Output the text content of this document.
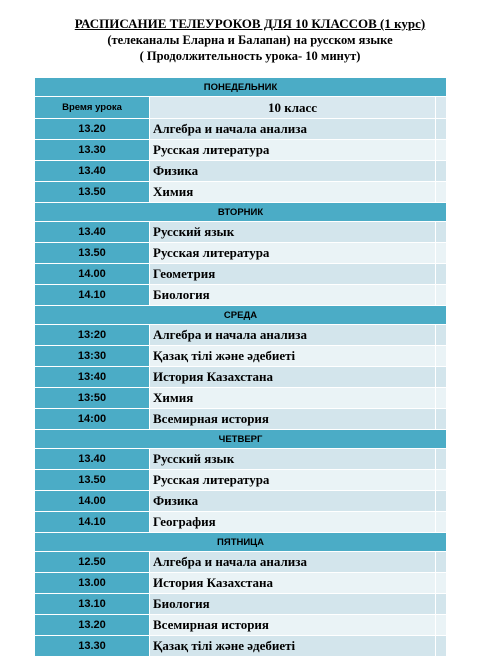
РАСПИСАНИЕ ТЕЛЕУРОКОВ ДЛЯ 10 КЛАССОВ (1 курс)
(телеканалы Еларна и Балапан) на русском языке
( Продолжительность урока- 10 минут)
ПОНЕДЕЛЬНИК		
Время урока	10 класс	
13.20	Алгебра и начала анализа	
13.30	Русская литература	
13.40	Физика	
13.50	Химия	
ВТОРНИК		
13.40	Русский язык	
13.50	Русская литература	
14.00	Геометрия	
14.10	Биология	
СРЕДА		
13:20	Алгебра и начала анализа	
13:30	Қазақ тілі және әдебиеті	
13:40	История Казахстана	
13:50	Химия	
14:00	Всемирная история	
ЧЕТВЕРГ		
13.40	Русский язык	
13.50	Русская литература	
14.00	Физика	
14.10	География	
ПЯТНИЦА		
12.50	Алгебра и начала анализа	
13.00	История Казахстана	
13.10	Биология	
13.20	Всемирная история	
13.30	Қазақ тілі және әдебиеті	
